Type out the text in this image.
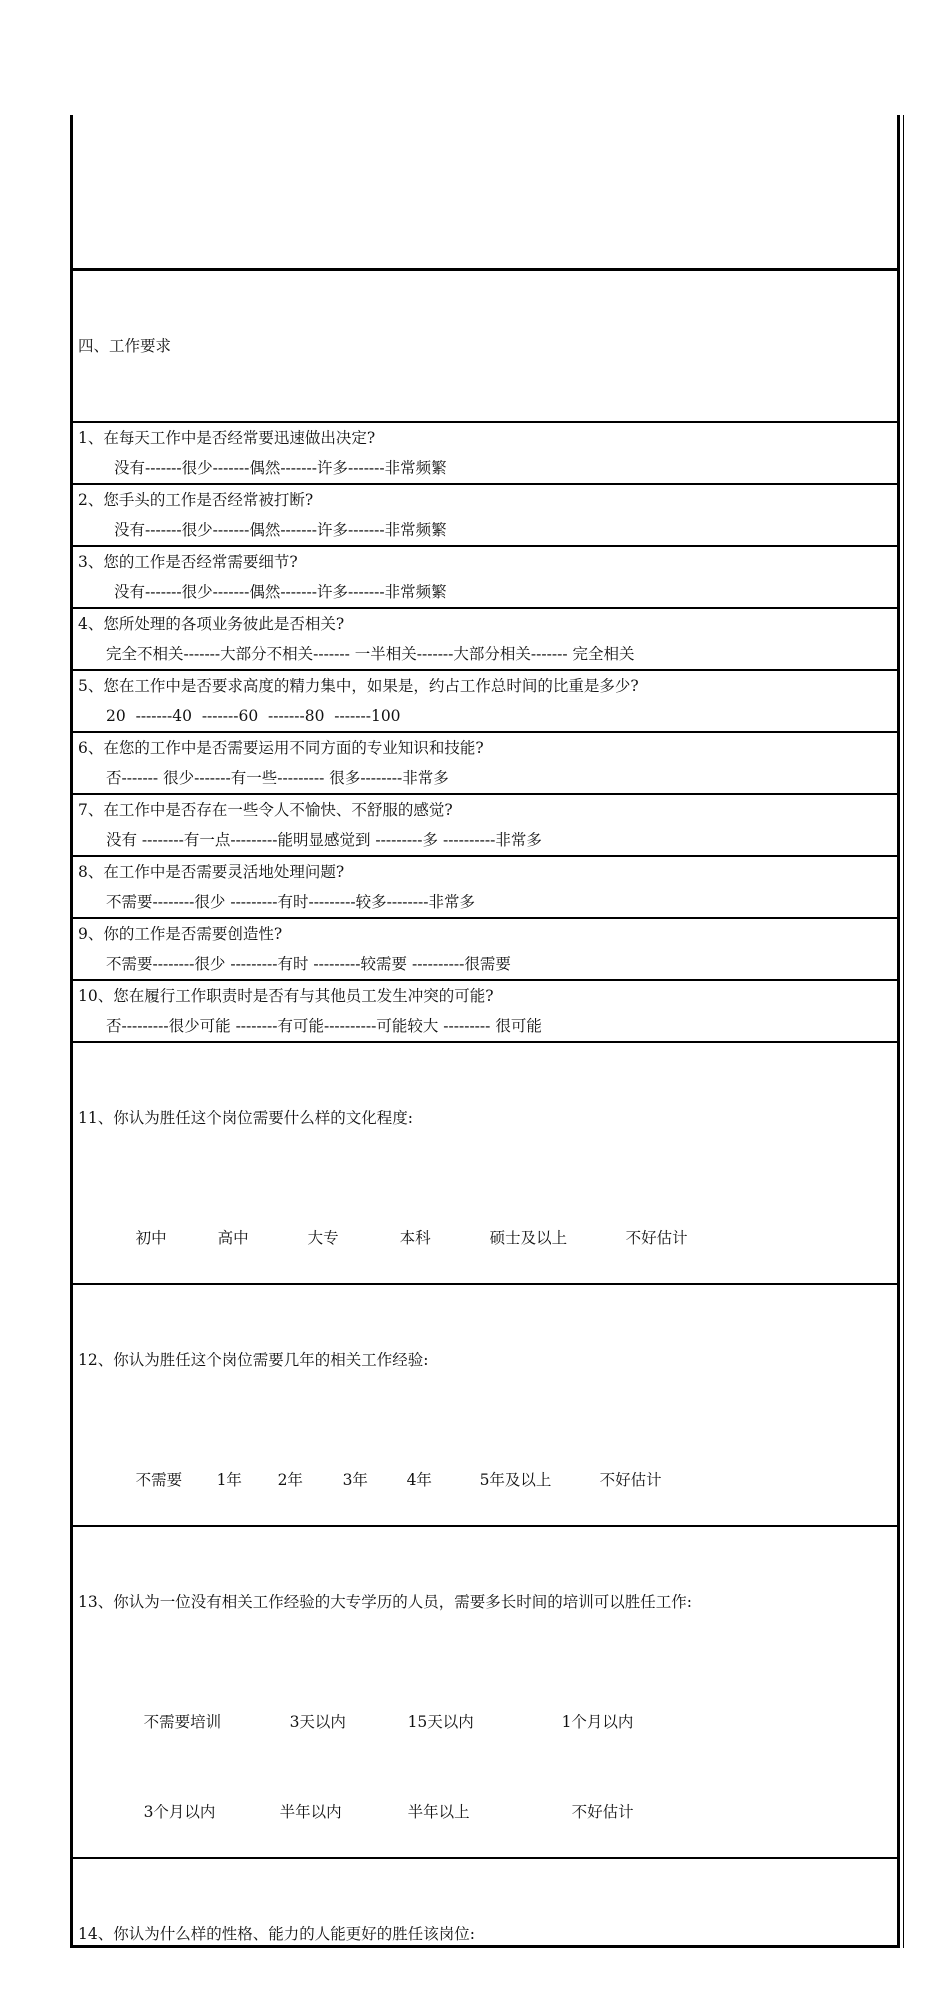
四、工作要求

1、在每天工作中是否经常要迅速做出决定?
没有-------很少-------偶然-------许多-------非常频繁
2、您手头的工作是否经常被打断?
没有-------很少-------偶然-------许多-------非常频繁
3、您的工作是否经常需要细节?
没有-------很少-------偶然-------许多-------非常频繁
4、您所处理的各项业务彼此是否相关?
完全不相关-------大部分不相关------- 一半相关-------大部分相关------- 完全相关
5、您在工作中是否要求高度的精力集中，如果是，约占工作总时间的比重是多少?
20  -------40  -------60  -------80  -------100
6、在您的工作中是否需要运用不同方面的专业知识和技能?
否------- 很少-------有一些--------- 很多--------非常多
7、在工作中是否存在一些令人不愉快、不舒服的感觉?
没有 --------有一点---------能明显感觉到 ---------多 ----------非常多
8、在工作中是否需要灵活地处理问题?
不需要--------很少 ---------有时---------较多--------非常多
9、你的工作是否需要创造性?
不需要--------很少 ---------有时 ---------较需要 ----------很需要
10、您在履行工作职责时是否有与其他员工发生冲突的可能?
否---------很少可能 --------有可能----------可能较大 --------- 很可能

11、你认为胜任这个岗位需要什么样的文化程度:

初中	高中	大专	本科	硕士及以上	不好估计

12、你认为胜任这个岗位需要几年的相关工作经验:

不需要 1年 2年	3年 4年	5年及以上	不好估计

13、你认为一位没有相关工作经验的大专学历的人员，需要多长时间的培训可以胜任工作:

不需要培训	3天以内	15天以内	1个月以内

3个月以内	半年以内	半年以上	不好估计

14、你认为什么样的性格、能力的人能更好的胜任该岗位:
